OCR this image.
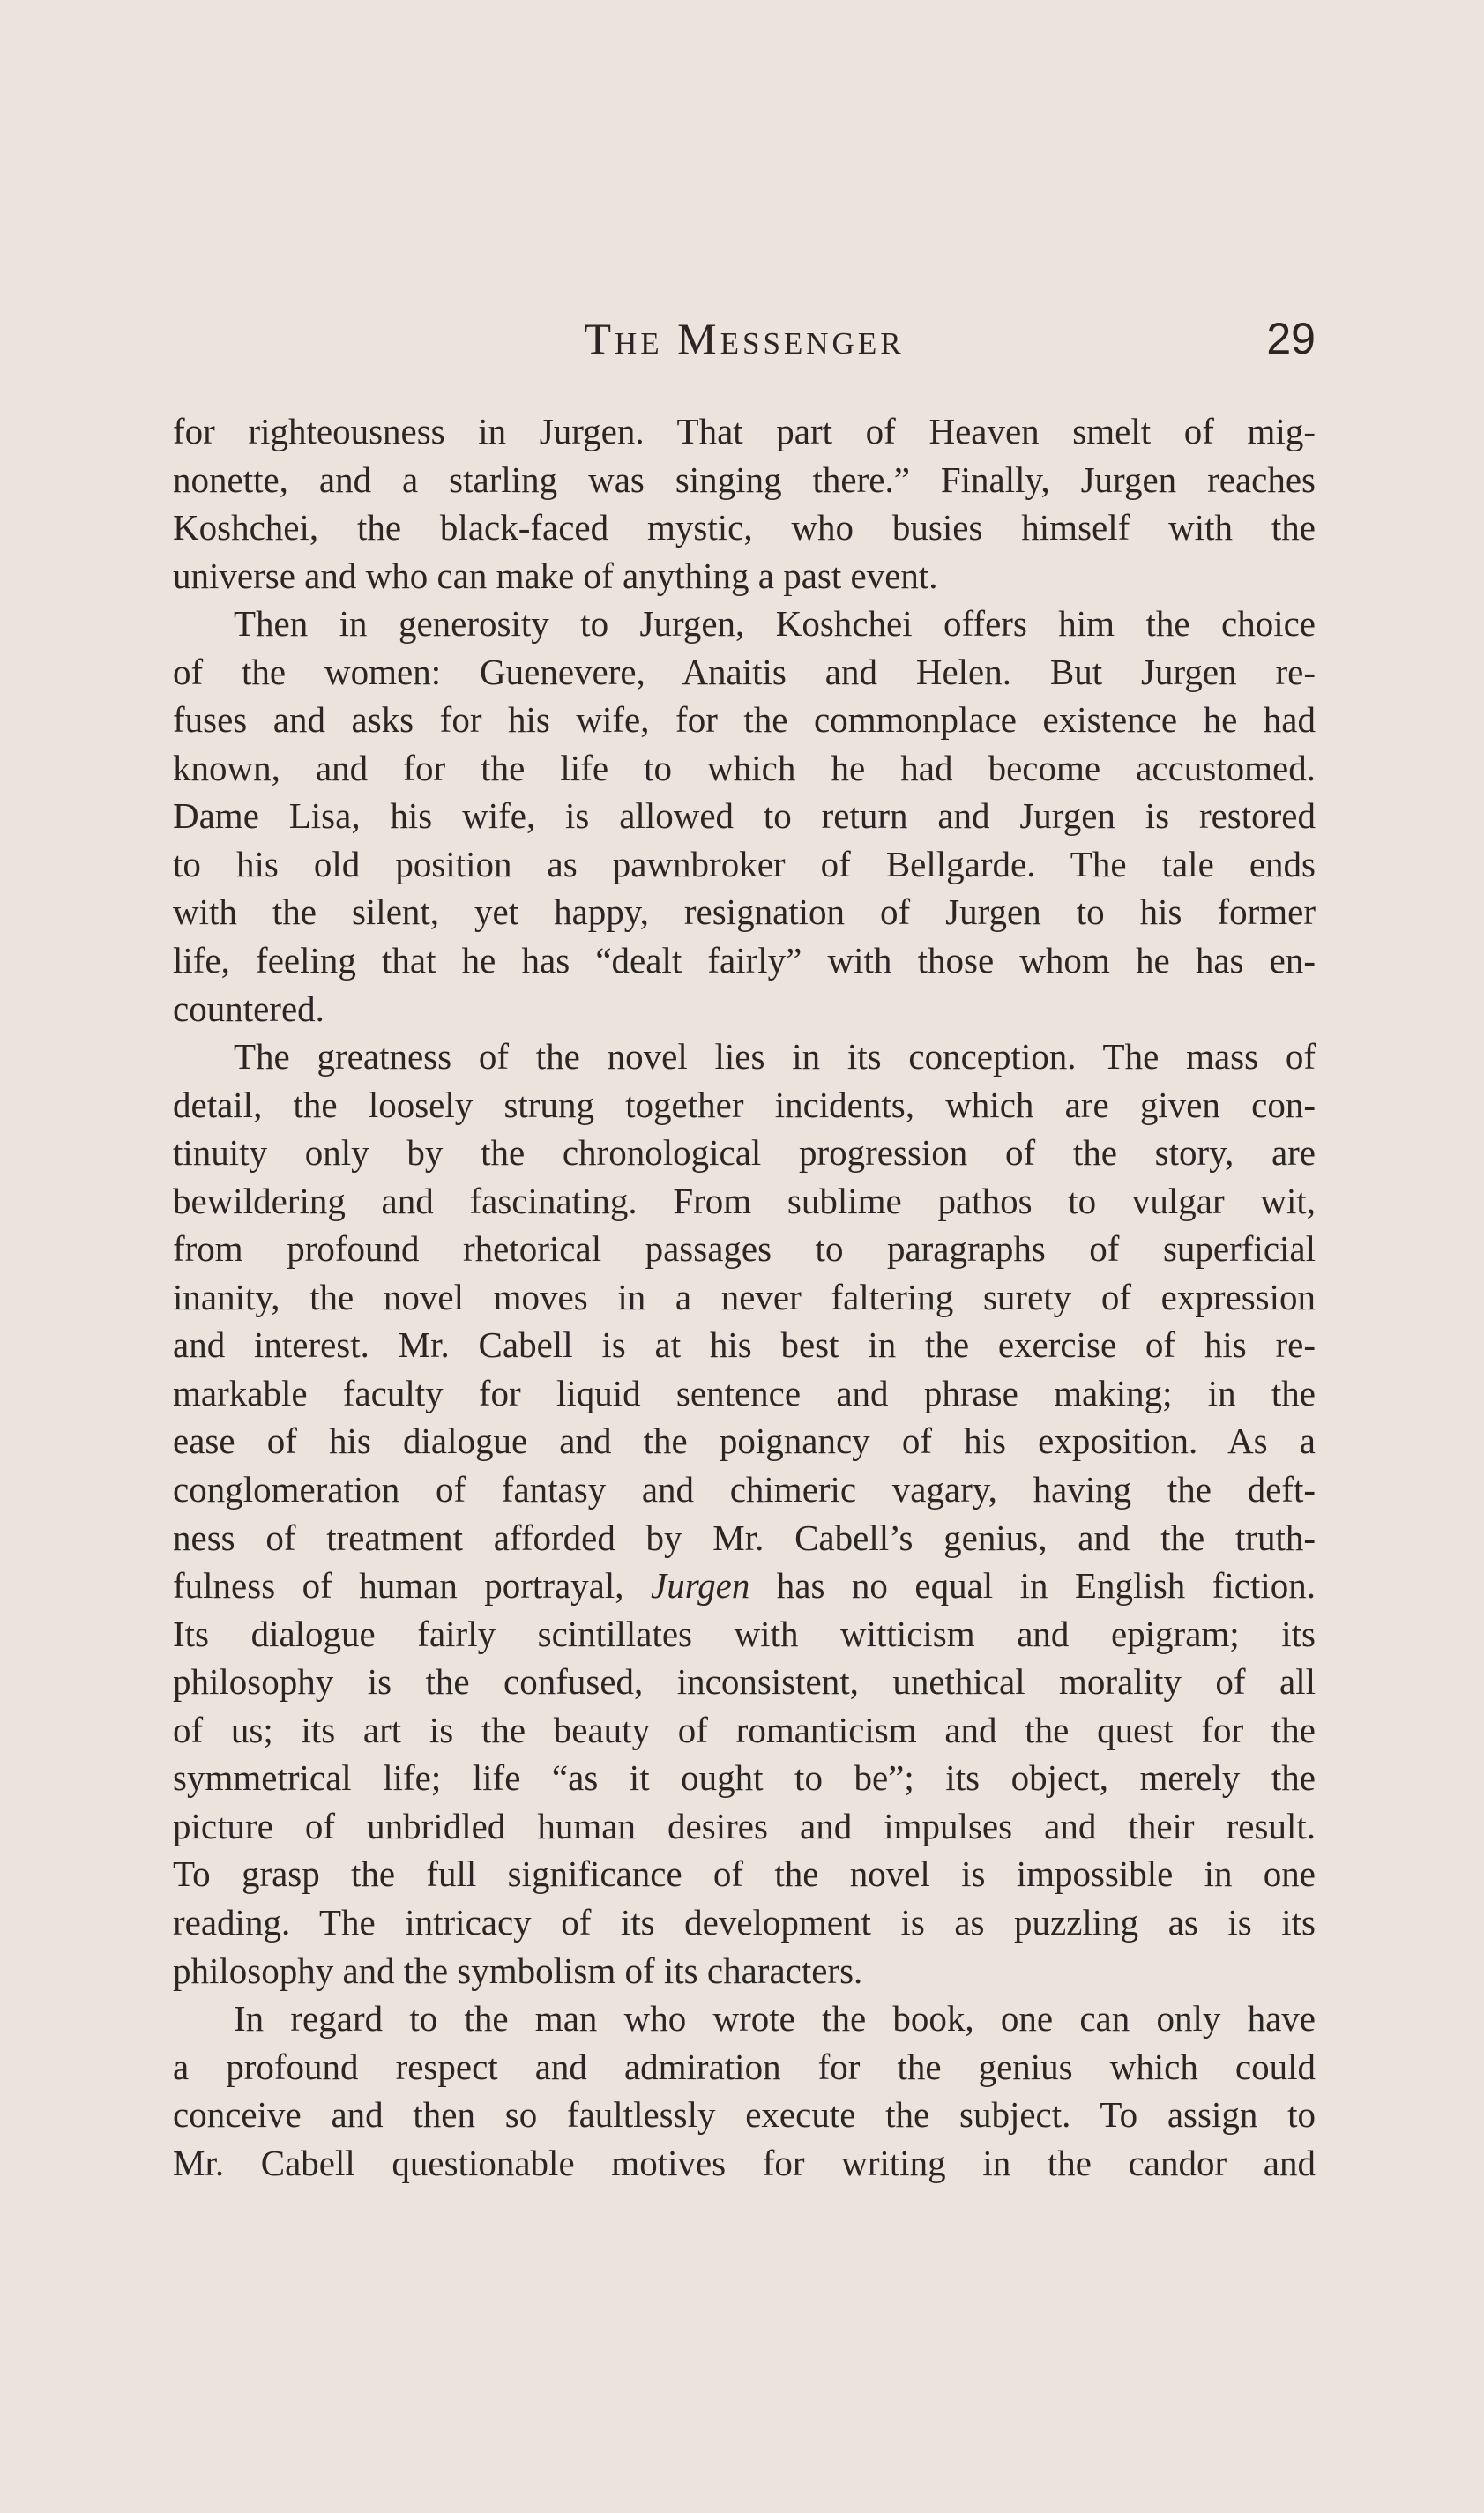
The Messenger	29
for righteousness in Jurgen. That part of Heaven smelt of mig-
nonette, and a starling was singing there.” Finally, Jurgen reaches
Koshchei, the black-faced mystic, who busies himself with the
universe and who can make of anything a past event.
Then in generosity to Jurgen, Koshchei offers him the choice
of the women: Guenevere, Anaitis and Helen. But Jurgen re-
fuses and asks for his wife, for the commonplace existence he had
known, and for the life to which he had become accustomed.
Dame Lisa, his wife, is allowed to return and Jurgen is restored
to his old position as pawnbroker of Bellgarde. The tale ends
with the silent, yet happy, resignation of Jurgen to his former
life, feeling that he has “dealt fairly” with those whom he has en-
countered.
The greatness of the novel lies in its conception. The mass of
detail, the loosely strung together incidents, which are given con-
tinuity only by the chronological progression of the story, are
bewildering and fascinating. From sublime pathos to vulgar wit,
from profound rhetorical passages to paragraphs of superficial
inanity, the novel moves in a never faltering surety of expression
and interest. Mr. Cabell is at his best in the exercise of his re-
markable faculty for liquid sentence and phrase making; in the
ease of his dialogue and the poignancy of his exposition. As a
conglomeration of fantasy and chimeric vagary, having the deft-
ness of treatment afforded by Mr. Cabell’s genius, and the truth-
fulness of human portrayal, Jurgen has no equal in English fiction.
Its dialogue fairly scintillates with witticism and epigram; its
philosophy is the confused, inconsistent, unethical morality of all
of us; its art is the beauty of romanticism and the quest for the
symmetrical life; life “as it ought to be”; its object, merely the
picture of unbridled human desires and impulses and their result.
To grasp the full significance of the novel is impossible in one
reading. The intricacy of its development is as puzzling as is its
philosophy and the symbolism of its characters.
In regard to the man who wrote the book, one can only have
a profound respect and admiration for the genius which could
conceive and then so faultlessly execute the subject. To assign to
Mr. Cabell questionable motives for writing in the candor and
